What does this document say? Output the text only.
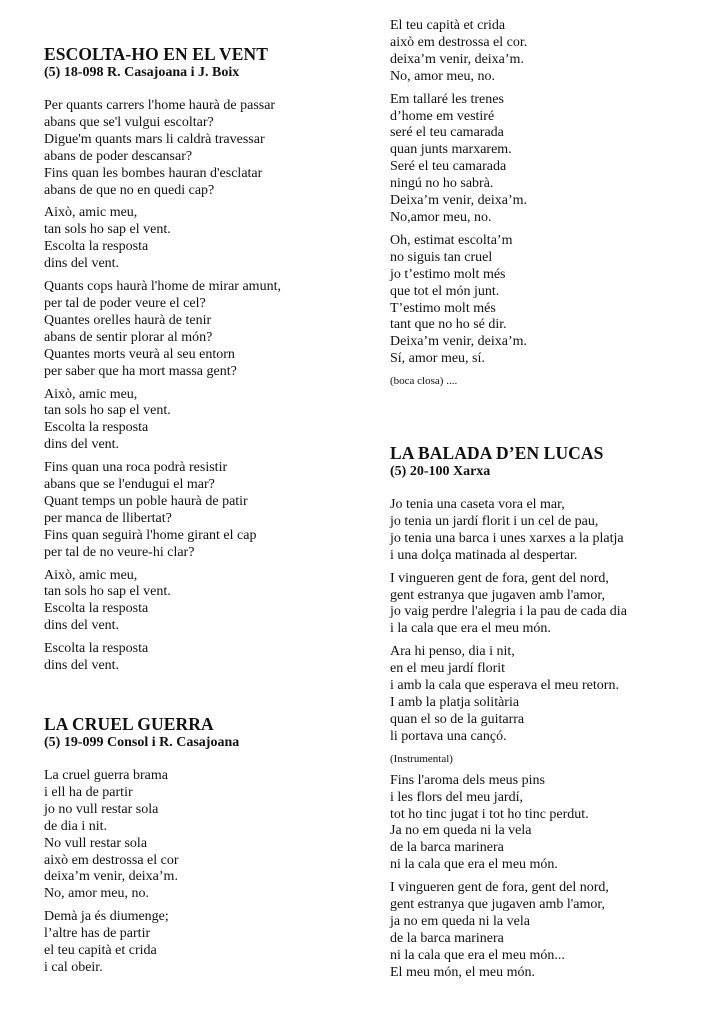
ESCOLTA-HO EN EL VENT
(5) 18-098 R. Casajoana i J. Boix
Per quants carrers l'home haurà de passar
abans que se'l vulgui escoltar?
Digue'm quants mars li caldrà travessar
abans de poder descansar?
Fins quan les bombes hauran d'esclatar
abans de que no en quedi cap?
Això, amic meu,
tan sols ho sap el vent.
Escolta la resposta
dins del vent.
Quants cops haurà l'home de mirar amunt,
per tal de poder veure el cel?
Quantes orelles haurà de tenir
abans de sentir plorar al món?
Quantes morts veurà al seu entorn
per saber que ha mort massa gent?
Això, amic meu,
tan sols ho sap el vent.
Escolta la resposta
dins del vent.
Fins quan una roca podrà resistir
abans que se l'endugui el mar?
Quant temps un poble haurà de patir
per manca de llibertat?
Fins quan seguirà l'home girant el cap
per tal de no veure-hi clar?
Això, amic meu,
tan sols ho sap el vent.
Escolta la resposta
dins del vent.
Escolta la resposta
dins del vent.
LA CRUEL GUERRA
(5) 19-099 Consol i R. Casajoana
La cruel guerra brama
i ell ha de partir
jo no vull restar sola
de dia i nit.
No vull restar sola
això em destrossa el cor
deixa’m venir, deixa’m.
No, amor meu, no.
Demà ja és diumenge;
l’altre has de partir
el teu capità et crida
i cal obeir.
El teu capità et crida
això em destrossa el cor.
deixa’m venir, deixa’m.
No, amor meu, no.
Em tallaré les trenes
d’home em vestiré
seré el teu camarada
quan junts marxarem.
Seré el teu camarada
ningú no ho sabrà.
Deixa’m venir, deixa’m.
No,amor meu, no.
Oh, estimat escolta’m
no siguis tan cruel
jo t’estimo molt més
que tot el món junt.
T’estimo molt més
tant que no ho sé dir.
Deixa’m venir, deixa’m.
Sí, amor meu, sí.
(boca closa) ....
LA BALADA D’EN LUCAS
(5) 20-100 Xarxa
Jo tenia una caseta vora el mar,
jo tenia un jardí florit i un cel de pau,
jo tenia una barca i unes xarxes a la platja
i una dolça matinada al despertar.
I vingueren gent de fora, gent del nord,
gent estranya que jugaven amb l'amor,
jo vaig perdre l'alegria i la pau de cada dia
i la cala que era el meu món.
Ara hi penso, dia i nit,
en el meu jardí florit
i amb la cala que esperava el meu retorn.
I amb la platja solitària
quan el so de la guitarra
li portava una cançó.
(Instrumental)
Fins l'aroma dels meus pins
i les flors del meu jardí,
tot ho tinc jugat i tot ho tinc perdut.
Ja no em queda ni la vela
de la barca marinera
ni la cala que era el meu món.
I vingueren gent de fora, gent del nord,
gent estranya que jugaven amb l'amor,
ja no em queda ni la vela
de la barca marinera
ni la cala que era el meu món...
El meu món, el meu món.
